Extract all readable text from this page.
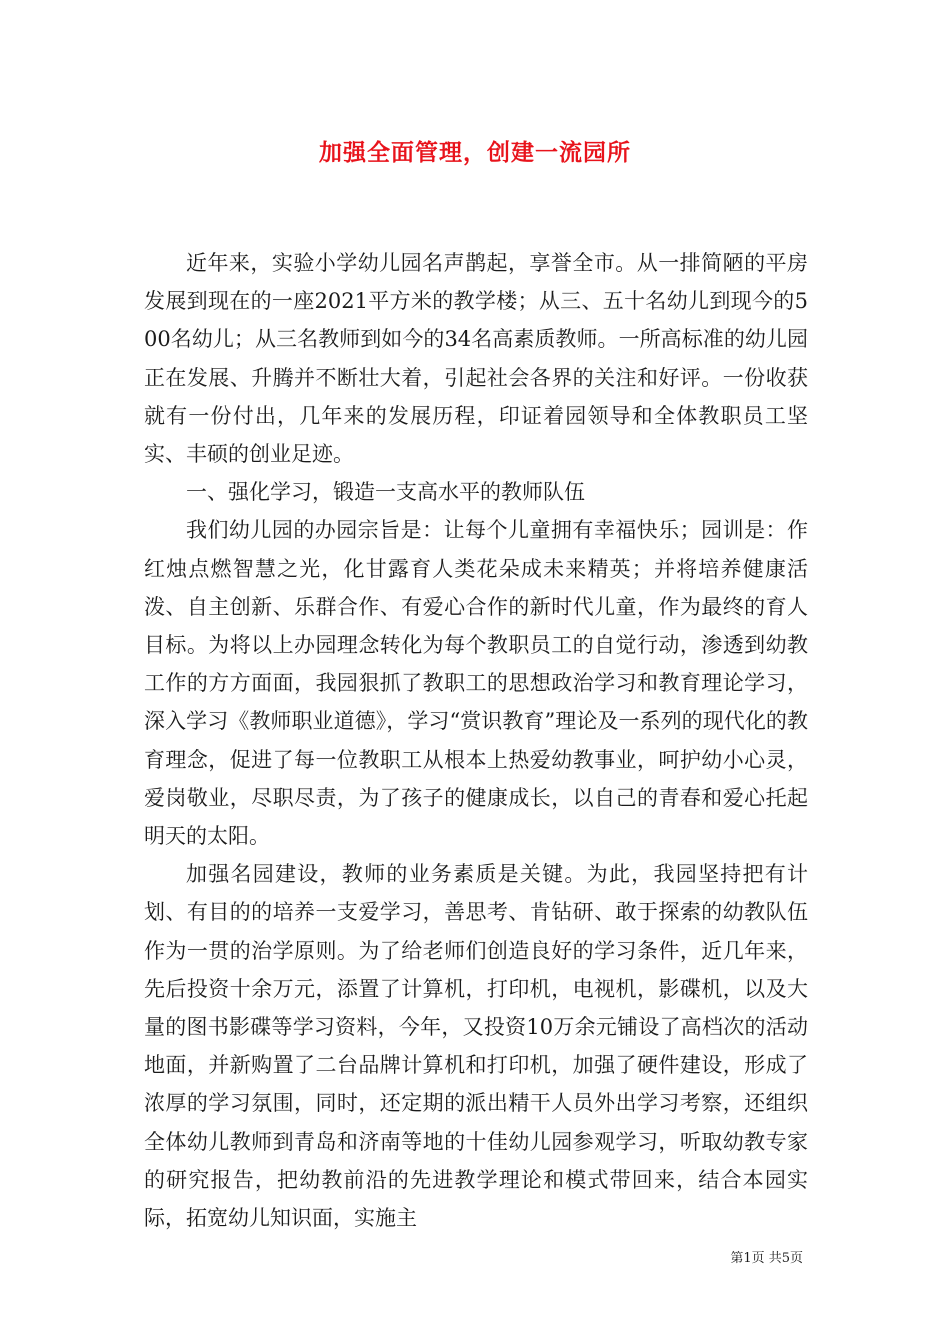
加强全面管理，创建一流园所

近年来，实验小学幼儿园名声鹊起，享誉全市。从一排简陋的平房发展到现在的一座2021平方米的教学楼；从三、五十名幼儿到现今的500名幼儿；从三名教师到如今的34名高素质教师。一所高标准的幼儿园正在发展、升腾并不断壮大着，引起社会各界的关注和好评。一份收获就有一份付出，几年来的发展历程，印证着园领导和全体教职员工坚实、丰硕的创业足迹。

一、强化学习，锻造一支高水平的教师队伍

我们幼儿园的办园宗旨是：让每个儿童拥有幸福快乐；园训是：作红烛点燃智慧之光，化甘露育人类花朵成未来精英；并将培养健康活泼、自主创新、乐群合作、有爱心合作的新时代儿童，作为最终的育人目标。为将以上办园理念转化为每个教职员工的自觉行动，渗透到幼教工作的方方面面，我园狠抓了教职工的思想政治学习和教育理论学习，深入学习《教师职业道德》，学习“赏识教育”理论及一系列的现代化的教育理念，促进了每一位教职工从根本上热爱幼教事业，呵护幼小心灵，爱岗敬业，尽职尽责，为了孩子的健康成长，以自己的青春和爱心托起明天的太阳。

加强名园建设，教师的业务素质是关键。为此，我园坚持把有计划、有目的的培养一支爱学习，善思考、肯钻研、敢于探索的幼教队伍作为一贯的治学原则。为了给老师们创造良好的学习条件，近几年来，先后投资十余万元，添置了计算机，打印机，电视机，影碟机，以及大量的图书影碟等学习资料，今年，又投资10万余元铺设了高档次的活动地面，并新购置了二台品牌计算机和打印机，加强了硬件建设，形成了浓厚的学习氛围，同时，还定期的派出精干人员外出学习考察，还组织全体幼儿教师到青岛和济南等地的十佳幼儿园参观学习，听取幼教专家的研究报告，把幼教前沿的先进教学理论和模式带回来，结合本园实际，拓宽幼儿知识面，实施主

第1页 共5页
